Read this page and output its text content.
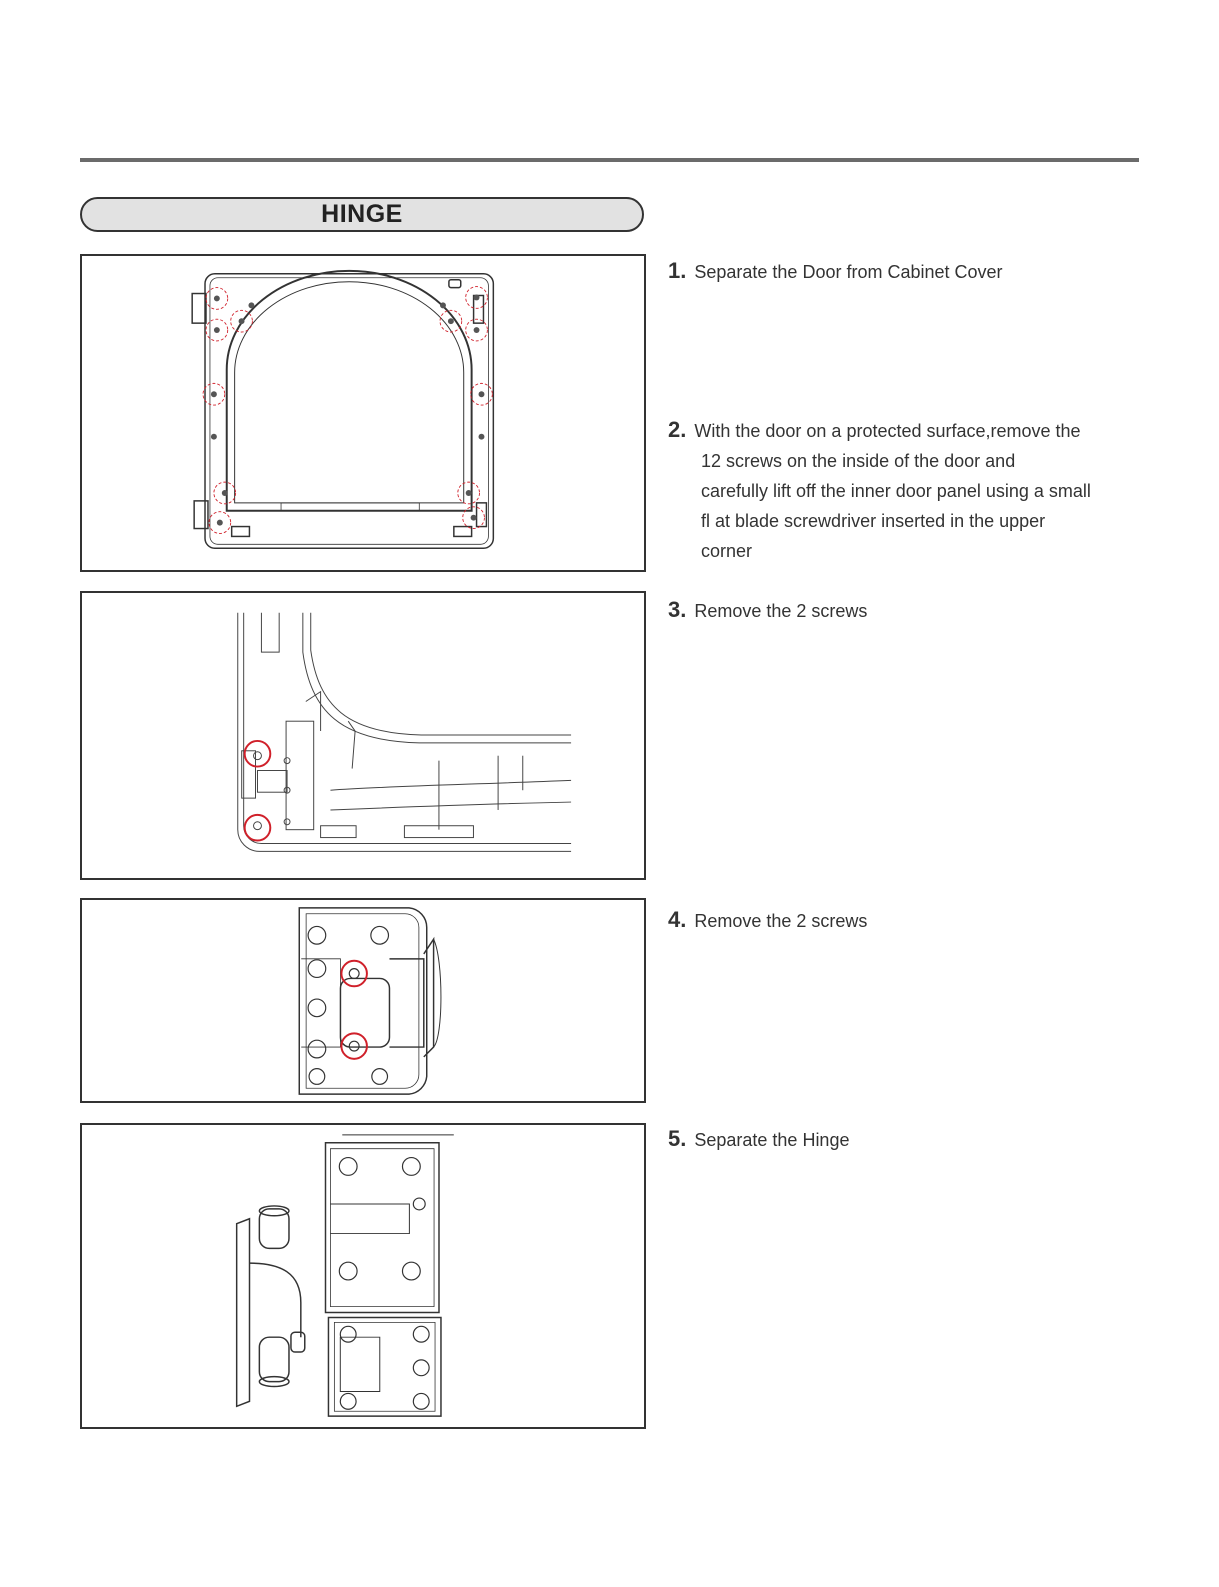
HINGE
1. Separate the Door from Cabinet Cover
2. With the door on a protected surface,remove the
12 screws on the inside of the door and
carefully lift off the inner door panel using a small
fl at blade screwdriver inserted in the upper
corner
3. Remove the 2 screws
4. Remove the 2 screws
5. Separate the Hinge
